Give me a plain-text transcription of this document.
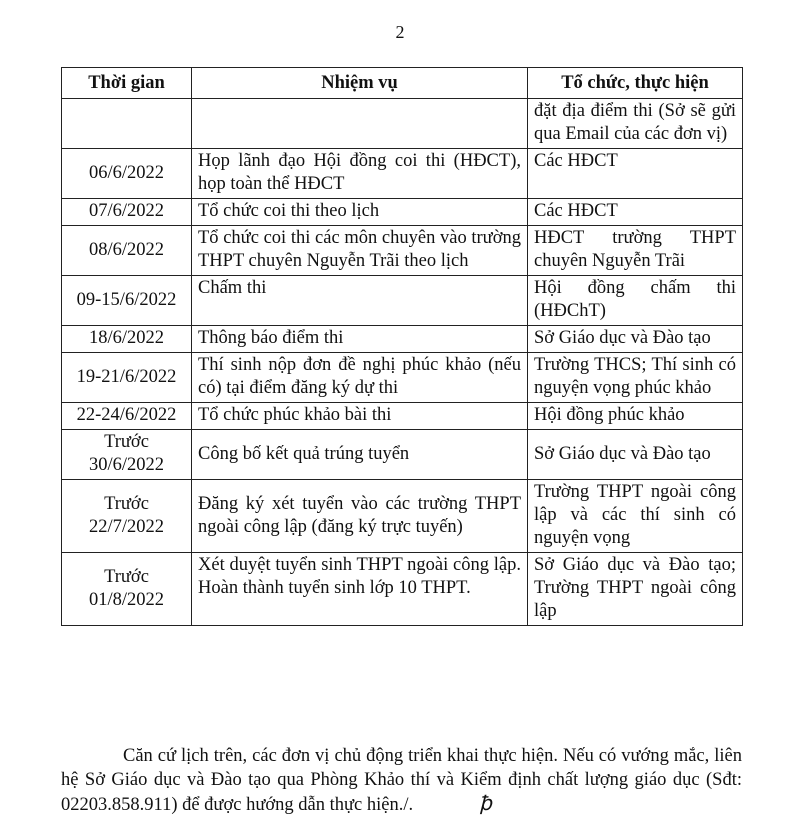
2
Thời gian	Nhiệm vụ	Tổ chức, thực hiện
		đặt địa điểm thi (Sở sẽ gửi qua Email của các đơn vị)
06/6/2022	Họp lãnh đạo Hội đồng coi thi (HĐCT), họp toàn thể HĐCT	Các HĐCT
07/6/2022	Tổ chức coi thi theo lịch	Các HĐCT
08/6/2022	Tổ chức coi thi các môn chuyên vào trường THPT chuyên Nguyễn Trãi theo lịch	HĐCT trường THPT chuyên Nguyễn Trãi
09-15/6/2022	Chấm thi	Hội đồng chấm thi (HĐChT)
18/6/2022	Thông báo điểm thi	Sở Giáo dục và Đào tạo
19-21/6/2022	Thí sinh nộp đơn đề nghị phúc khảo (nếu có) tại điểm đăng ký dự thi	Trường THCS; Thí sinh có nguyện vọng phúc khảo
22-24/6/2022	Tổ chức phúc khảo bài thi	Hội đồng phúc khảo
Trước 30/6/2022	Công bố kết quả trúng tuyển	Sở Giáo dục và Đào tạo
Trước 22/7/2022	Đăng ký xét tuyển vào các trường THPT ngoài công lập (đăng ký trực tuyến)	Trường THPT ngoài công lập và các thí sinh có nguyện vọng
Trước 01/8/2022	Xét duyệt tuyển sinh THPT ngoài công lập. Hoàn thành tuyển sinh lớp 10 THPT.	Sở Giáo dục và Đào tạo; Trường THPT ngoài công lập
Căn cứ lịch trên, các đơn vị chủ động triển khai thực hiện. Nếu có vướng mắc, liên hệ Sở Giáo dục và Đào tạo qua Phòng Khảo thí và Kiểm định chất lượng giáo dục (Sđt: 02203.858.911) để được hướng dẫn thực hiện./.	ꝥ
